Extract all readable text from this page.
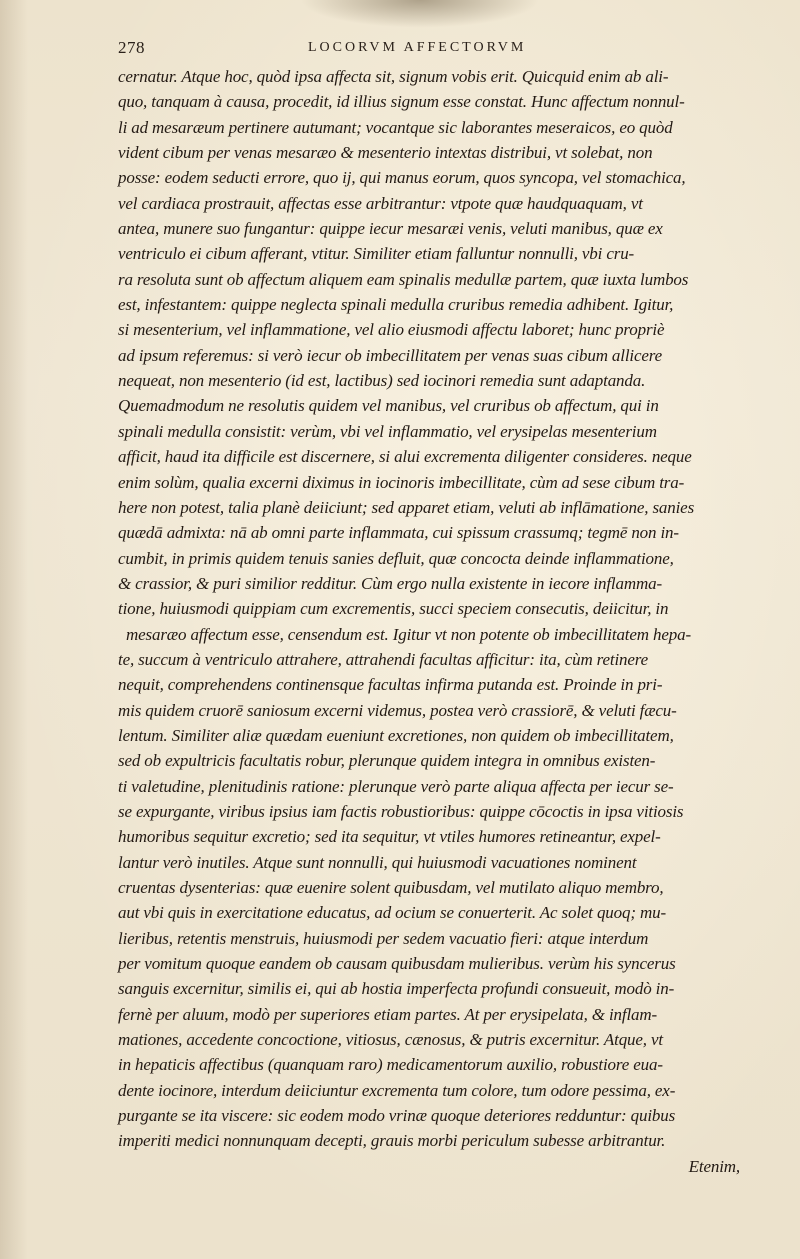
278	LOCORVM AFFECTORVM
cernatur. Atque hoc, quòd ipsa affecta sit, signum vobis erit. Quicquid enim ab ali-
quo, tanquam à causa, procedit, id illius signum esse constat. Hunc affectum nonnul-
li ad mesaræum pertinere autumant; vocantque sic laborantes meseraicos, eo quòd
vident cibum per venas mesaræo & mesenterio intextas distribui, vt solebat, non
posse: eodem seducti errore, quo ij, qui manus eorum, quos syncopa, vel stomachica,
vel cardiaca prostrauit, affectas esse arbitrantur: vtpote quæ haudquaquam, vt
antea, munere suo fungantur: quippe iecur mesaræi venis, veluti manibus, quæ ex
ventriculo ei cibum afferant, vtitur. Similiter etiam falluntur nonnulli, vbi cru-
ra resoluta sunt ob affectum aliquem eam spinalis medullæ partem, quæ iuxta lumbos
est, infestantem: quippe neglecta spinali medulla cruribus remedia adhibent. Igitur,
si mesenterium, vel inflammatione, vel alio eiusmodi affectu laboret; hunc propriè
ad ipsum referemus: si verò iecur ob imbecillitatem per venas suas cibum allicere
nequeat, non mesenterio (id est, lactibus) sed iocinori remedia sunt adaptanda.
Quemadmodum ne resolutis quidem vel manibus, vel cruribus ob affectum, qui in
spinali medulla consistit: verùm, vbi vel inflammatio, vel erysipelas mesenterium
afficit, haud ita difficile est discernere, si alui excrementa diligenter consideres. neque
enim solùm, qualia excerni diximus in iocinoris imbecillitate, cùm ad sese cibum tra-
here non potest, talia planè deiiciunt; sed apparet etiam, veluti ab inflāmatione, sanies
quædā admixta: nā ab omni parte inflammata, cui spissum crassumq; tegmē non in-
cumbit, in primis quidem tenuis sanies defluit, quæ concocta deinde inflammatione,
& crassior, & puri similior redditur. Cùm ergo nulla existente in iecore inflamma-
tione, huiusmodi quippiam cum excrementis, succi speciem consecutis, deiicitur, in
mesaræo affectum esse, censendum est. Igitur vt non potente ob imbecillitatem hepa-
te, succum à ventriculo attrahere, attrahendi facultas afficitur: ita, cùm retinere
nequit, comprehendens continensque facultas infirma putanda est. Proinde in pri-
mis quidem cruorē saniosum excerni videmus, postea verò crassiorē, & veluti fæcu-
lentum. Similiter aliæ quædam eueniunt excretiones, non quidem ob imbecillitatem,
sed ob expultricis facultatis robur, plerunque quidem integra in omnibus existen-
ti valetudine, plenitudinis ratione: plerunque verò parte aliqua affecta per iecur se-
se expurgante, viribus ipsius iam factis robustioribus: quippe cōcoctis in ipsa vitiosis
humoribus sequitur excretio; sed ita sequitur, vt vtiles humores retineantur, expel-
lantur verò inutiles. Atque sunt nonnulli, qui huiusmodi vacuationes nominent
cruentas dysenterias: quæ euenire solent quibusdam, vel mutilato aliquo membro,
aut vbi quis in exercitatione educatus, ad ocium se conuerterit. Ac solet quoq; mu-
lieribus, retentis menstruis, huiusmodi per sedem vacuatio fieri: atque interdum
per vomitum quoque eandem ob causam quibusdam mulieribus. verùm his syncerus
sanguis excernitur, similis ei, qui ab hostia imperfecta profundi consueuit, modò in-
fernè per aluum, modò per superiores etiam partes. At per erysipelata, & inflam-
mationes, accedente concoctione, vitiosus, cænosus, & putris excernitur. Atque, vt
in hepaticis affectibus (quanquam raro) medicamentorum auxilio, robustiore eua-
dente iocinore, interdum deiiciuntur excrementa tum colore, tum odore pessima, ex-
purgante se ita viscere: sic eodem modo vrinæ quoque deteriores redduntur: quibus
imperiti medici nonnunquam decepti, grauis morbi periculum subesse arbitrantur.
Etenim,
